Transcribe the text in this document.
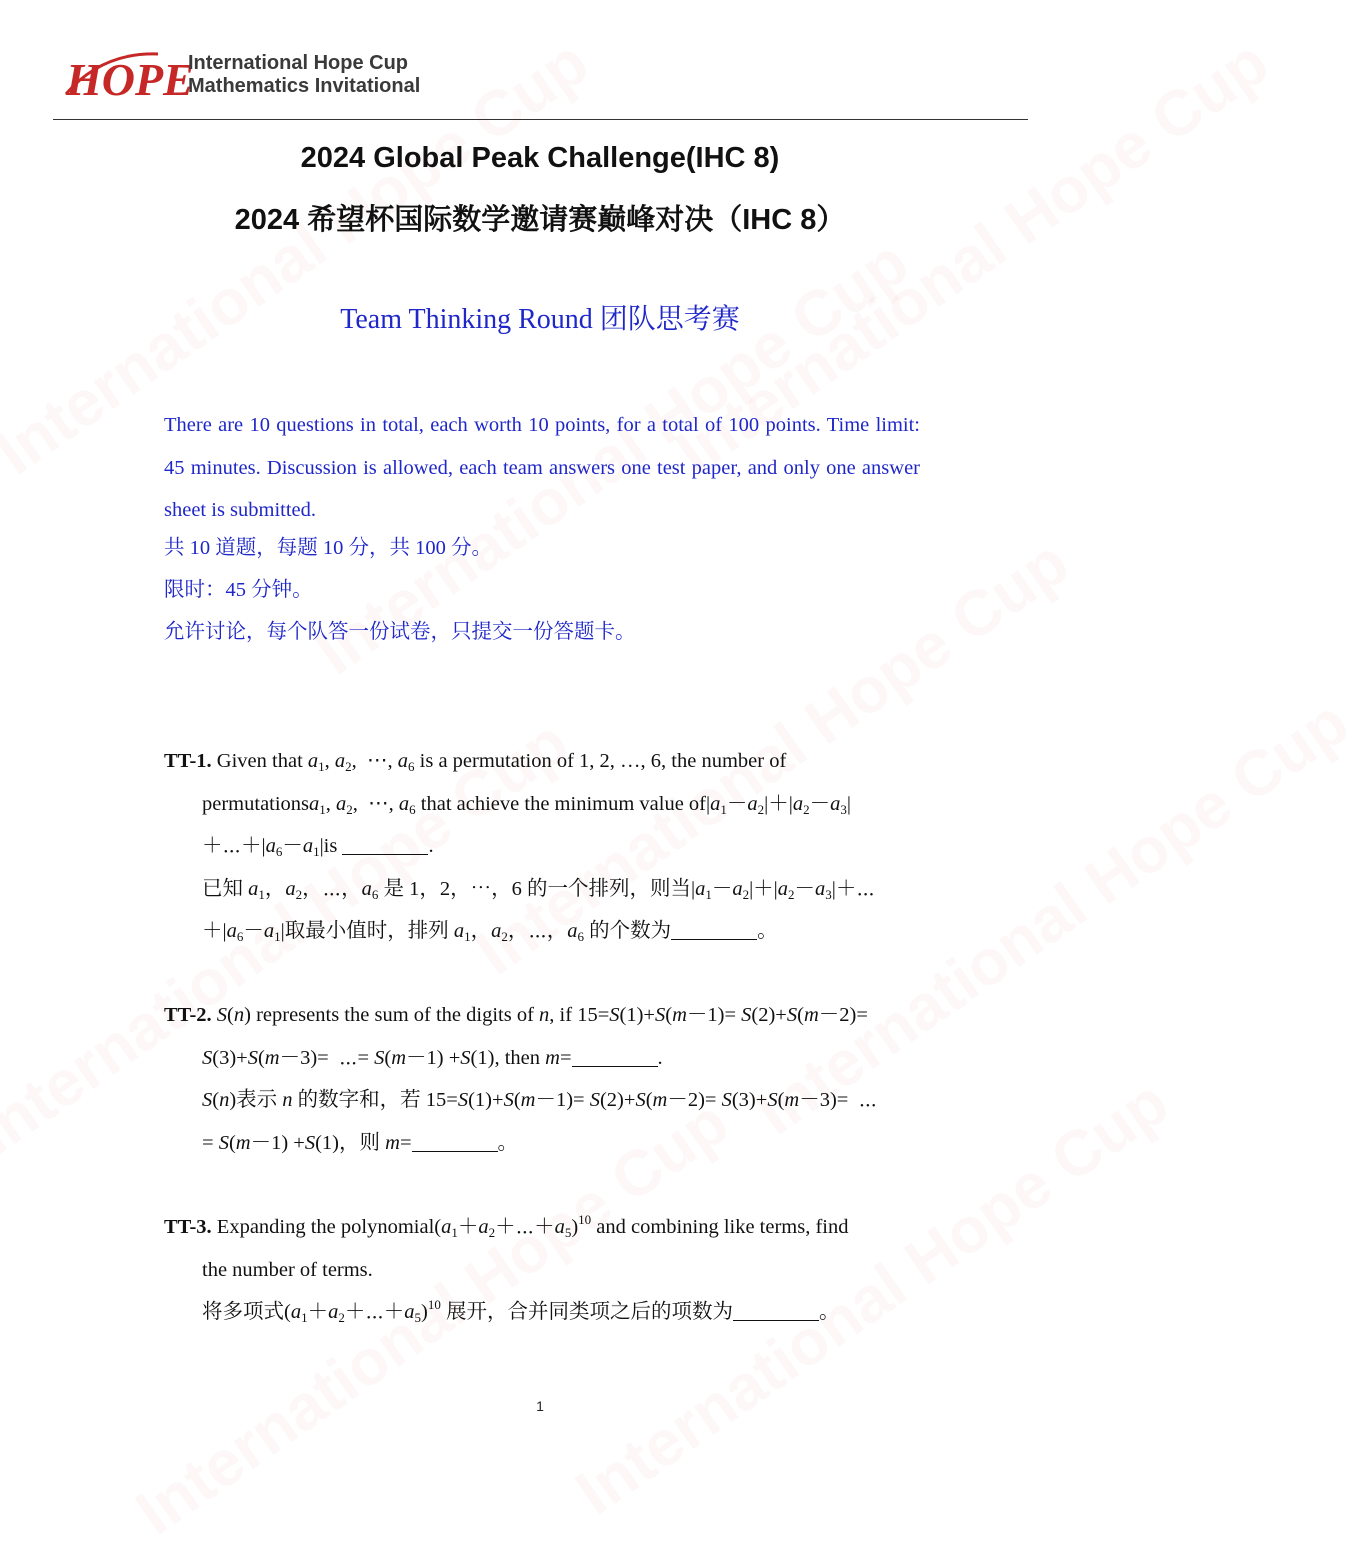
HOPE
International Hope Cup
Mathematics Invitational
2024 Global Peak Challenge(IHC 8)
2024 希望杯国际数学邀请赛巅峰对决（IHC 8）
Team Thinking Round 团队思考赛
There are 10 questions in total, each worth 10 points, for a total of 100 points. Time limit: 45 minutes. Discussion is allowed, each team answers one test paper, and only one answer sheet is submitted.
共 10 道题，每题 10 分，共 100 分。
限时：45 分钟。
允许讨论，每个队答一份试卷，只提交一份答题卡。

TT-1. Given that $a_1$, $a_2$,  ⋯, $a_6$ is a permutation of 1, 2, …, 6, the number of

permutationsa$_1$, $a_2$,  ⋯, $a_6$ that achieve the minimum value $of|a_1-a_2|+|a_2-a_3|$

$+\cdots+|a_6-a_1|is$	.

已知 $a_1$，$a_2$，⋯，$a_6$ 是 1，2，⋯，6 的一个排列，则当$|a_1-a_2|+|a_2-a_3|+\cdots$

$+|a_6-a_1|$取最小值时，排列 $a_1$，$a_2$，⋯，$a_6$ 的个数为	。

TT-2. S(n) represents the sum of the digits of n, if 15=S(1)+S(m－1)= S(2)+S(m－2)=

S(3)+S(m－3)=  ⋯= S(m－1) +S(1), then m=	.

S(n)表示 n 的数字和，若 15=S(1)+S(m－1)= S(2)+S(m－2)= S(3)+S(m－3)=  ⋯

= S(m－1) +S(1)，则 m=	。

TT-3. Expanding the $polynomial(a_1+a_2+\cdots+a_5)^{10}$ and combining like terms, find

the number of terms.

将多项式$(a_1+a_2+\cdots+a_5)^{10}$ 展开，合并同类项之后的项数为	。

1
